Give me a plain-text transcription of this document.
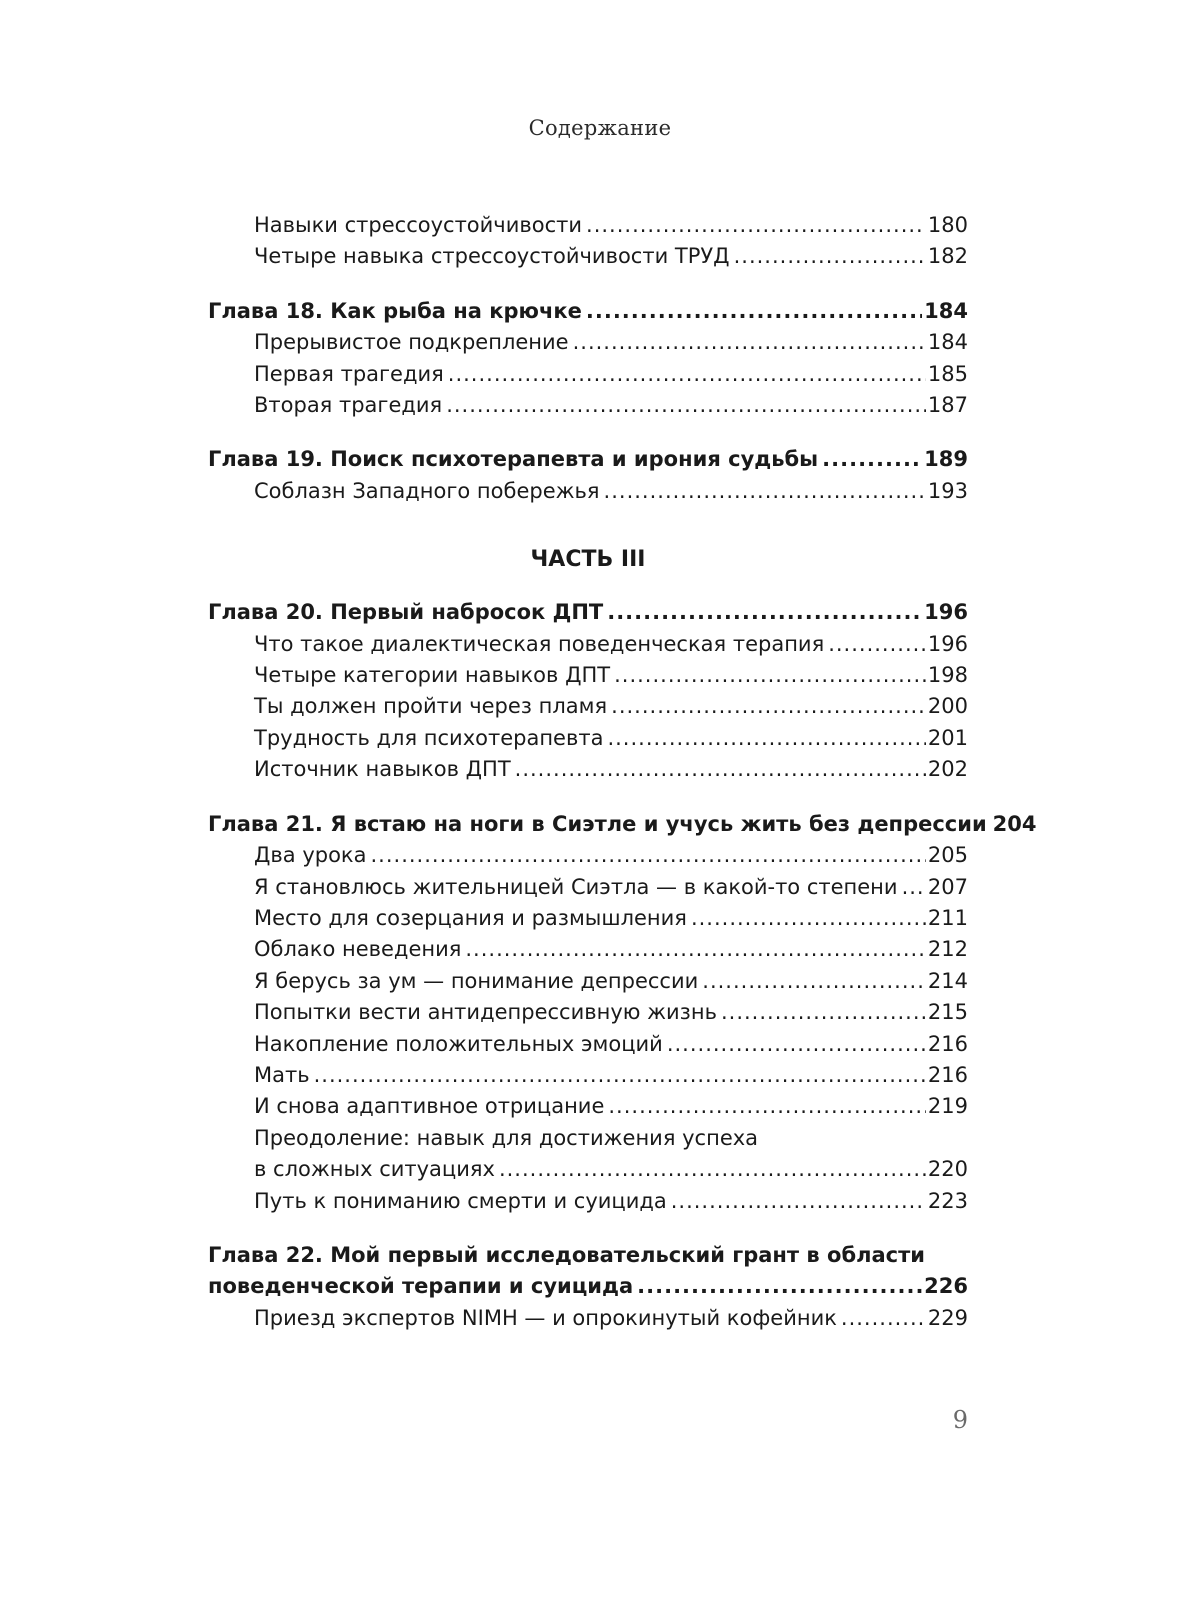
Содержание
Навыки стрессоустойчивости .....	180
Четыре навыка стрессоустойчивости ТРУД .....	182
Глава 18. Как рыба на крючке .....	184
Прерывистое подкрепление .....	184
Первая трагедия .....	185
Вторая трагедия .....	187
Глава 19. Поиск психотерапевта и ирония судьбы .....	189
Соблазн Западного побережья .....	193
ЧАСТЬ III
Глава 20. Первый набросок ДПТ .....	196
Что такое диалектическая поведенческая терапия .....	196
Четыре категории навыков ДПТ .....	198
Ты должен пройти через пламя .....	200
Трудность для психотерапевта .....	201
Источник навыков ДПТ .....	202
Глава 21. Я встаю на ноги в Сиэтле и учусь жить без депрессии 204
Два урока .....	205
Я становлюсь жительницей Сиэтла — в какой-то степени ..... 207
Место для созерцания и размышления .....	211
Облако неведения .....	212
Я берусь за ум — понимание депрессии .....	214
Попытки вести антидепрессивную жизнь .....	215
Накопление положительных эмоций .....	216
Мать .....	216
И снова адаптивное отрицание .....	219
Преодоление: навык для достижения успеха
в сложных ситуациях .....	220
Путь к пониманию смерти и суицида .....	223
Глава 22. Мой первый исследовательский грант в области
поведенческой терапии и суицида .....	226
Приезд экспертов NIMH — и опрокинутый кофейник .....	229
9
